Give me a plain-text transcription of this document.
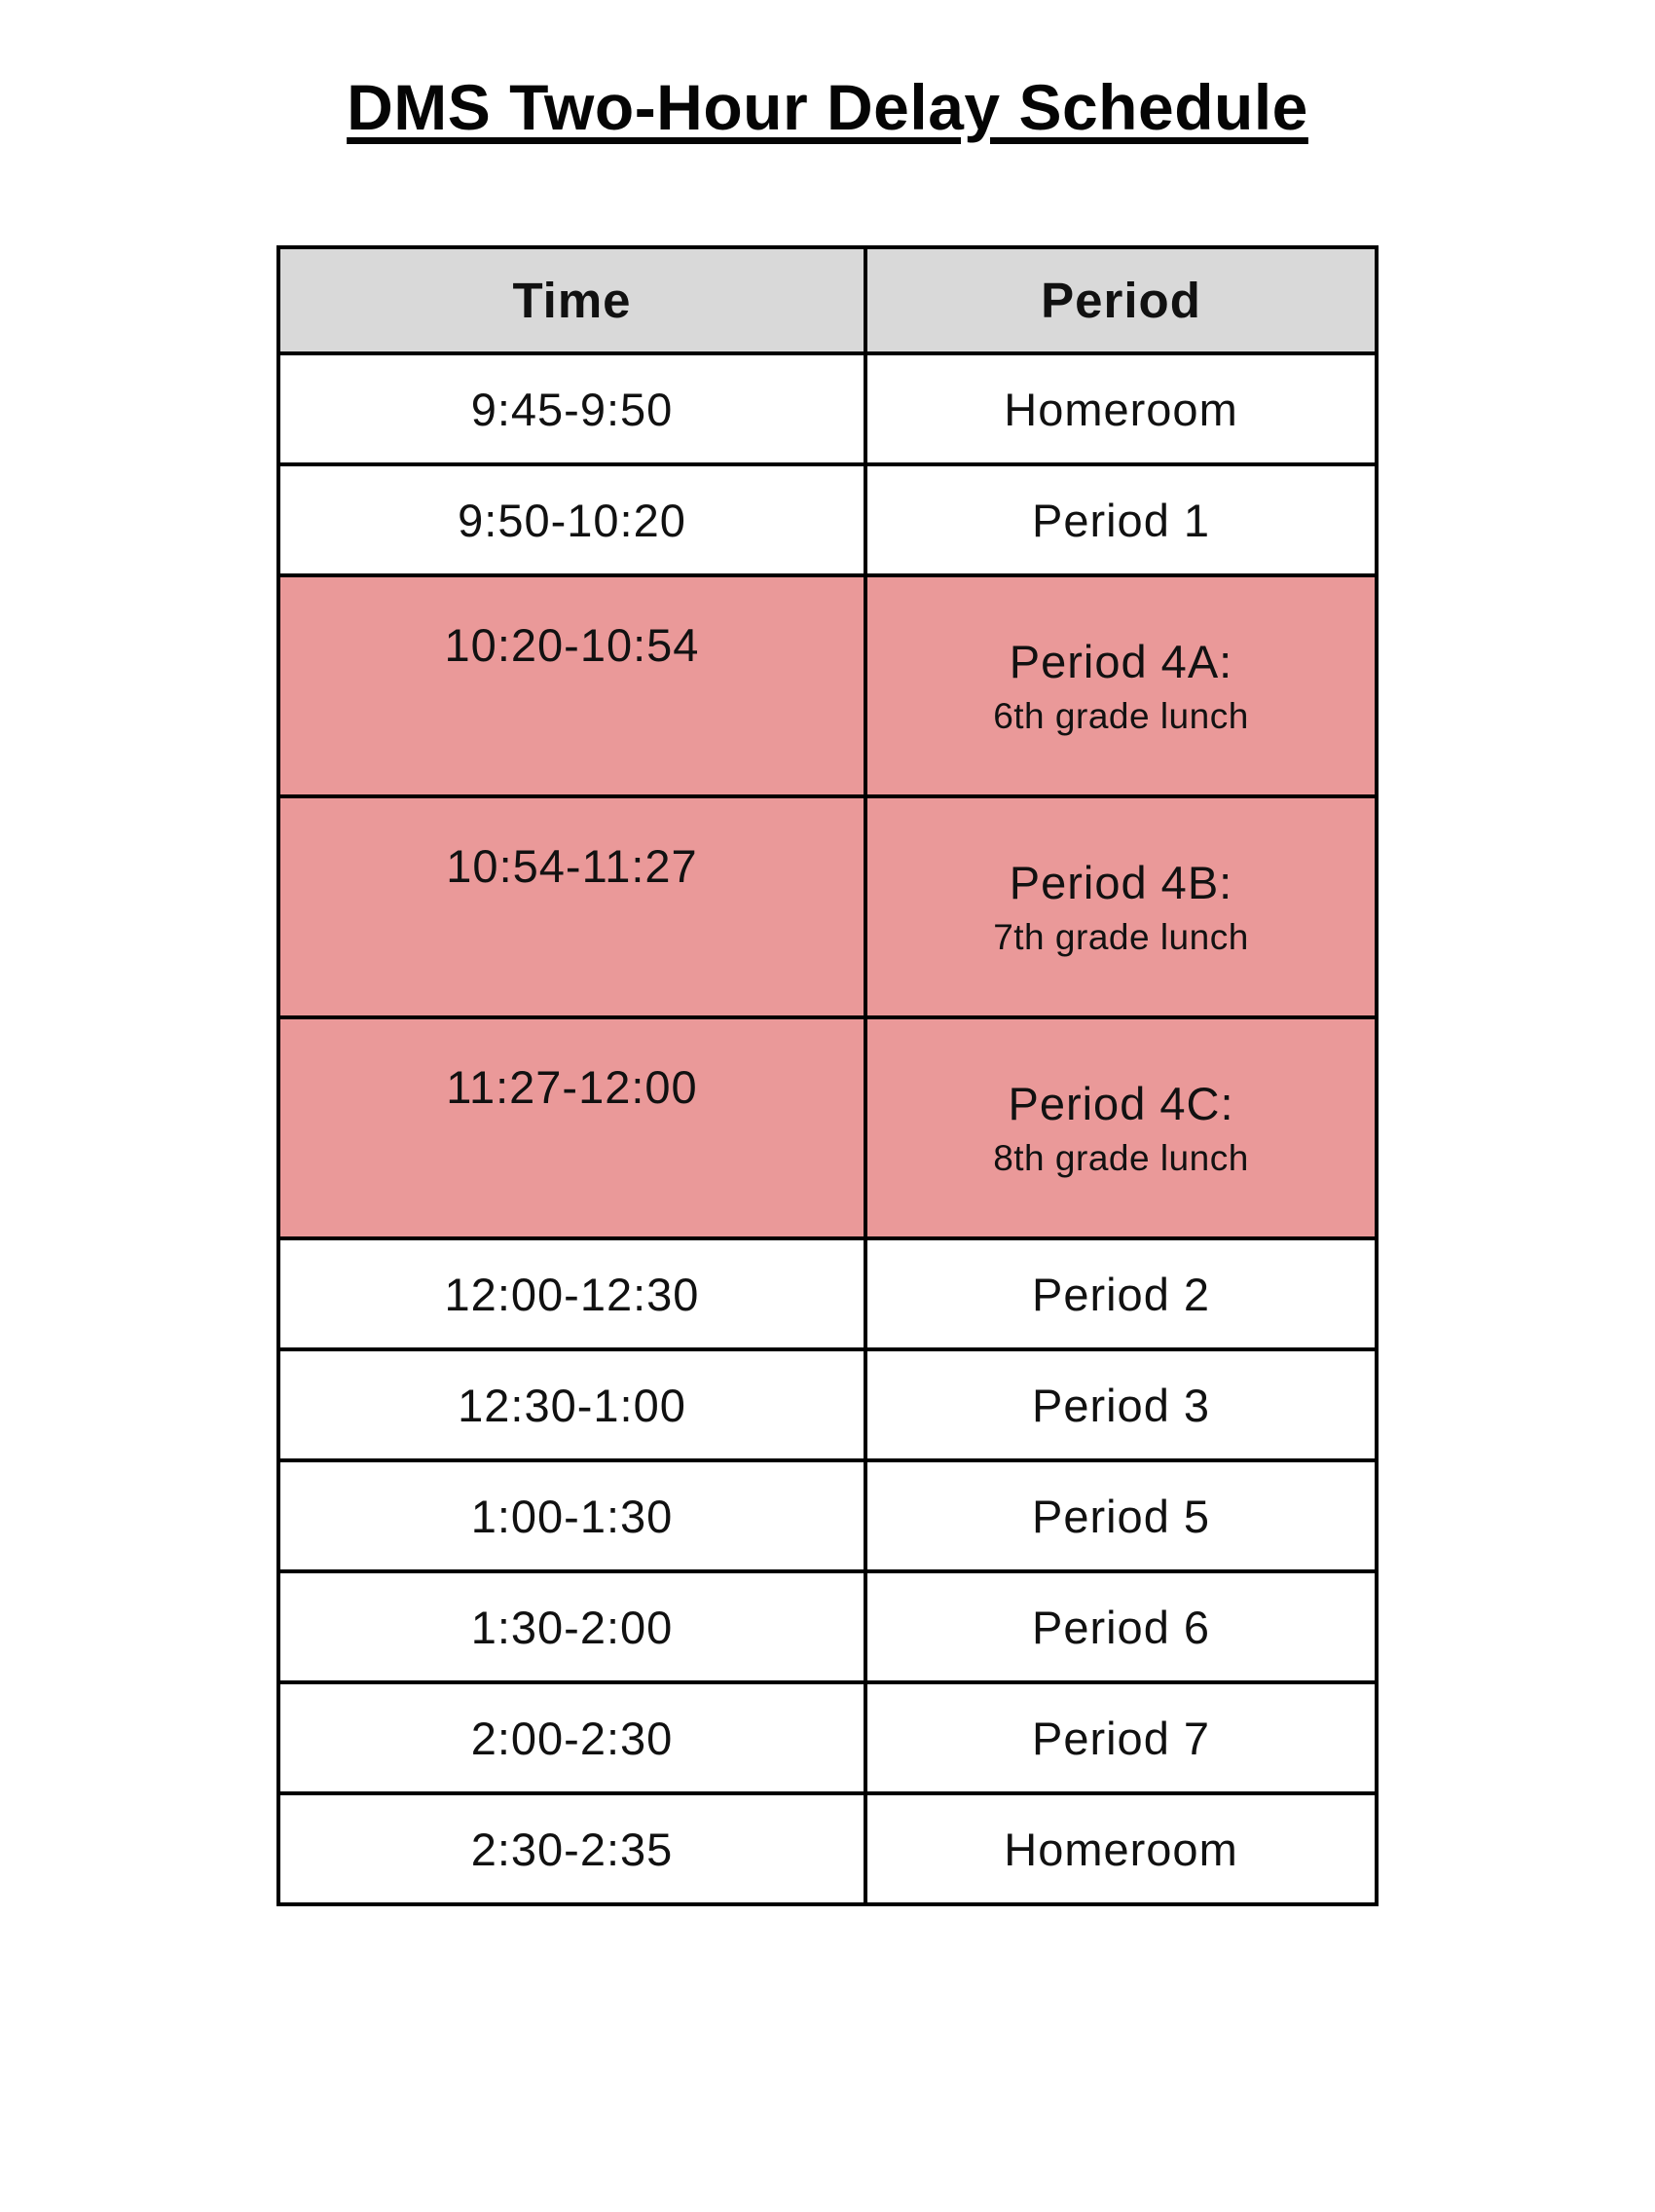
DMS Two-Hour Delay Schedule
Time	Period
9:45-9:50	Homeroom
9:50-10:20	Period 1
10:20-10:54	Period 4A:
6th grade lunch

10:54-11:27	Period 4B:
7th grade lunch

11:27-12:00	Period 4C:
8th grade lunch

12:00-12:30	Period 2
12:30-1:00	Period 3
1:00-1:30	Period 5
1:30-2:00	Period 6
2:00-2:30	Period 7
2:30-2:35	Homeroom
